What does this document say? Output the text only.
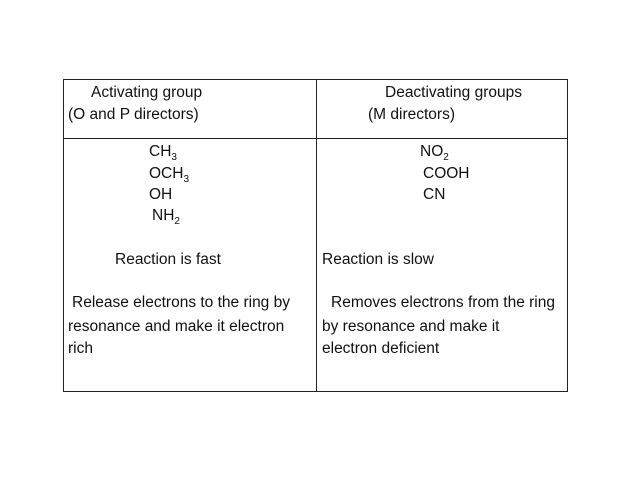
Activating group
(O and P directors)
Deactivating groups
(M directors)
$CH_3$
$OCH_3$
OH
$NH_2$
$NO_2$
COOH
CN
Reaction is fast	Reaction is slow
Release electrons to the ring by
resonance and make it electron
rich
Removes electrons from the ring
by resonance and make it
electron deficient
